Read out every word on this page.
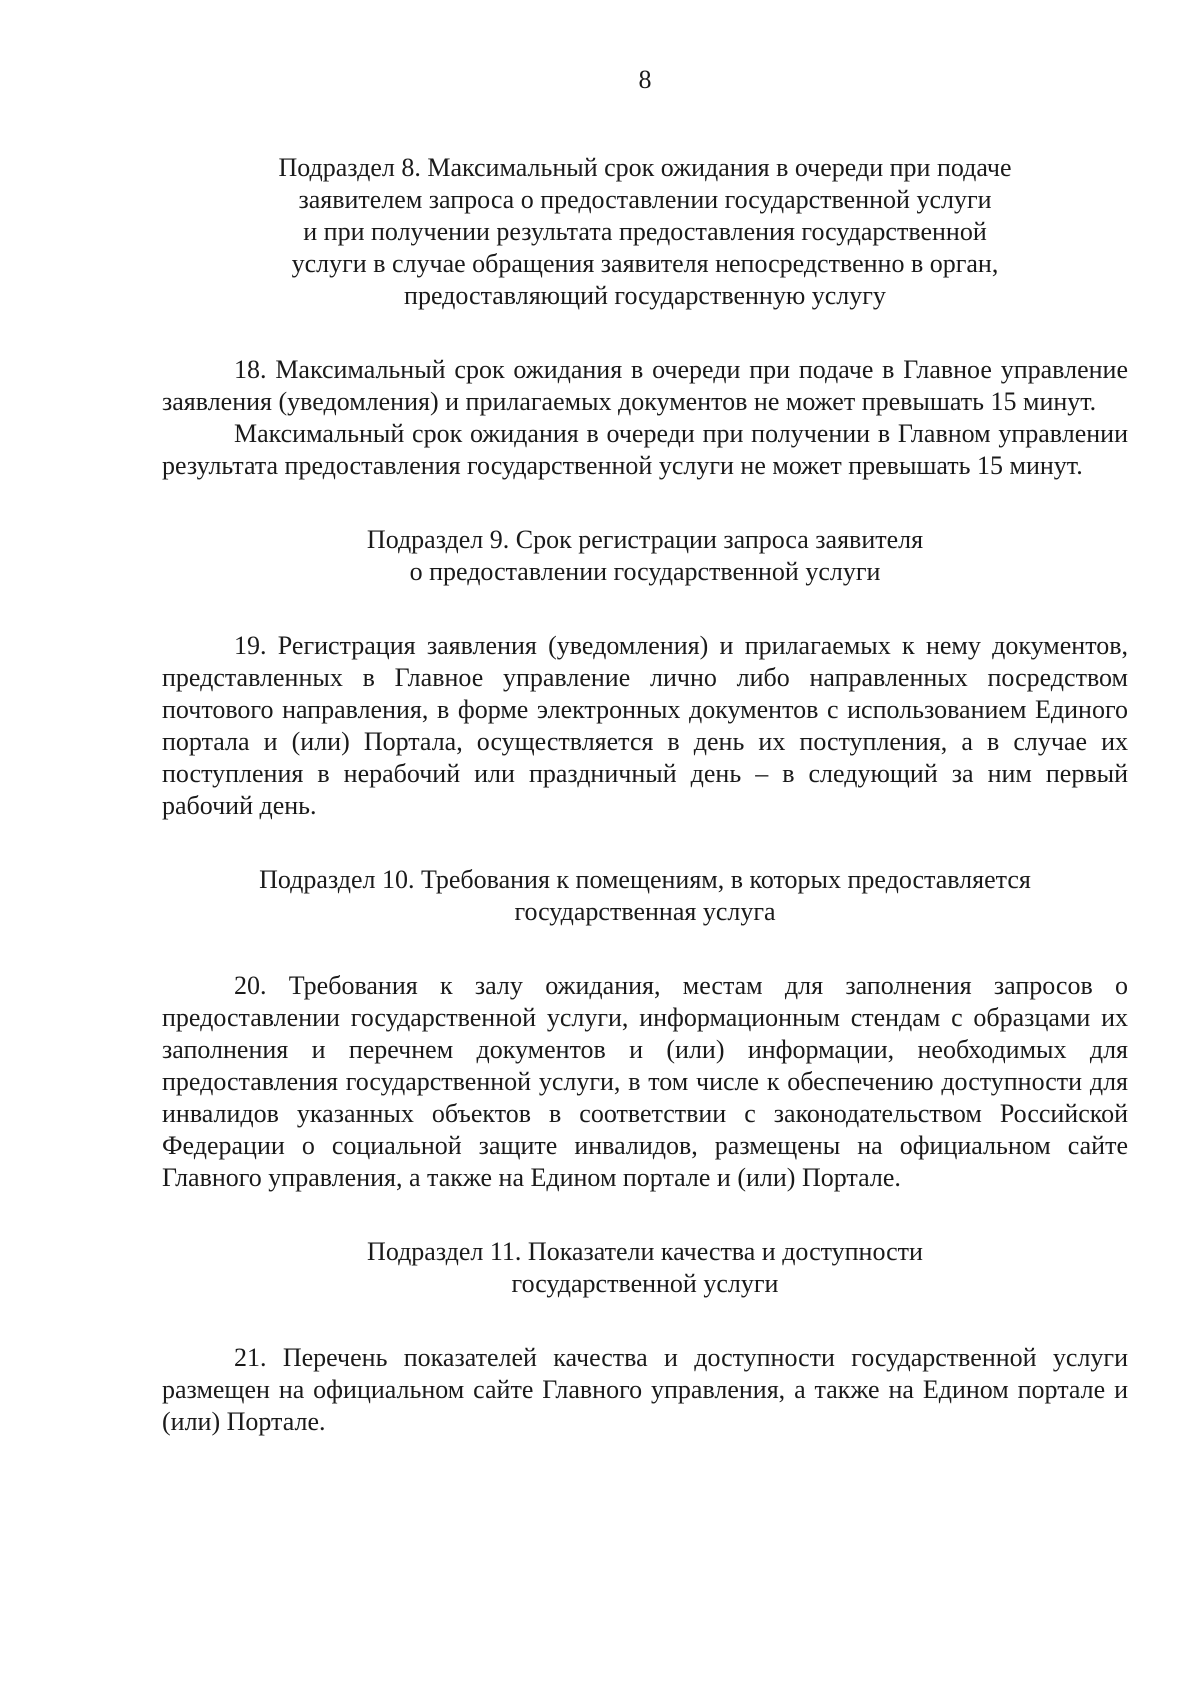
8
Подраздел 8. Максимальный срок ожидания в очереди при подаче
заявителем запроса о предоставлении государственной услуги
и при получении результата предоставления государственной
услуги в случае обращения заявителя непосредственно в орган,
предоставляющий государственную услугу

18. Максимальный срок ожидания в очереди при подаче в Главное управление заявления (уведомления) и прилагаемых документов не может превышать 15 минут.

Максимальный срок ожидания в очереди при получении в Главном управлении результата предоставления государственной услуги не может превышать 15 минут.

Подраздел 9. Срок регистрации запроса заявителя
о предоставлении государственной услуги

19. Регистрация заявления (уведомления) и прилагаемых к нему документов, представленных в Главное управление лично либо направленных посредством почтового направления, в форме электронных документов с использованием Единого портала и (или) Портала, осуществляется в день их поступления, а в случае их поступления в нерабочий или праздничный день – в следующий за ним первый рабочий день.

Подраздел 10. Требования к помещениям, в которых предоставляется
государственная услуга

20. Требования к залу ожидания, местам для заполнения запросов о предоставлении государственной услуги, информационным стендам с образцами их заполнения и перечнем документов и (или) информации, необходимых для предоставления государственной услуги, в том числе к обеспечению доступности для инвалидов указанных объектов в соответствии с законодательством Российской Федерации о социальной защите инвалидов, размещены на официальном сайте Главного управления, а также на Едином портале и (или) Портале.

Подраздел 11. Показатели качества и доступности
государственной услуги

21. Перечень показателей качества и доступности государственной услуги размещен на официальном сайте Главного управления, а также на Едином портале и (или) Портале.
